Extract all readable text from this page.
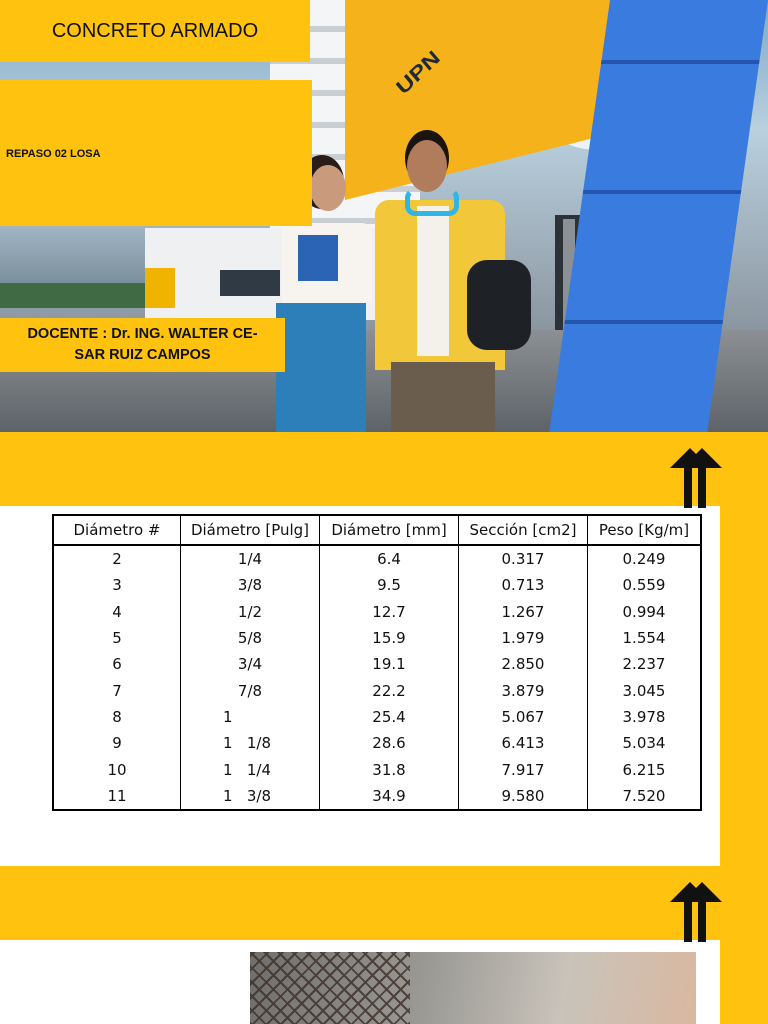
UPN
CONCRETO ARMADO
REPASO 02 LOSA
DOCENTE : Dr. ING. WALTER CE-
SAR RUIZ CAMPOS
Diámetro #	Diámetro [Pulg]	Diámetro [mm]	Sección [cm2]	Peso [Kg/m]
2	1/4	6.4	0.317	0.249
3	3/8	9.5	0.713	0.559
4	1/2	12.7	1.267	0.994
5	5/8	15.9	1.979	1.554
6	3/4	19.1	2.850	2.237
7	7/8	22.2	3.879	3.045
8	1	25.4	5.067	3.978
9	1   1/8	28.6	6.413	5.034
10	1   1/4	31.8	7.917	6.215
11	1   3/8	34.9	9.580	7.520
